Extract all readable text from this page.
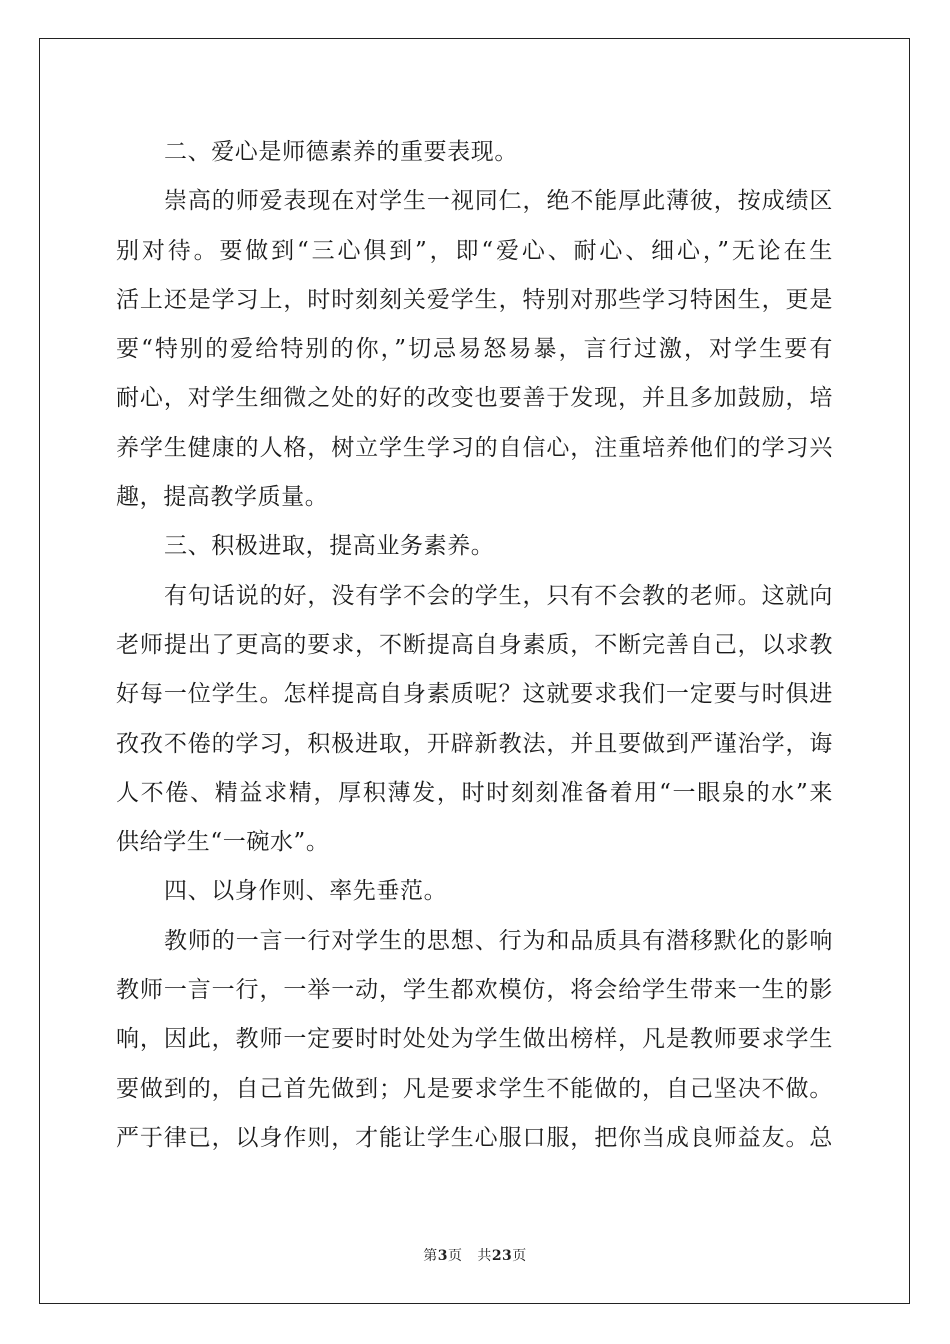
二、爱心是师德素养的重要表现。
崇高的师爱表现在对学生一视同仁，绝不能厚此薄彼，按成绩区
别对待。要做到“三心俱到”，即“爱心、耐心、细心，”无论在生
活上还是学习上，时时刻刻关爱学生，特别对那些学习特困生，更是
要“特别的爱给特别的你，”切忌易怒易暴，言行过激，对学生要有
耐心，对学生细微之处的好的改变也要善于发现，并且多加鼓励，培
养学生健康的人格，树立学生学习的自信心，注重培养他们的学习兴
趣，提高教学质量。
三、积极进取，提高业务素养。
有句话说的好，没有学不会的学生，只有不会教的老师。这就向
老师提出了更高的要求，不断提高自身素质，不断完善自己，以求教
好每一位学生。怎样提高自身素质呢？这就要求我们一定要与时俱进
孜孜不倦的学习，积极进取，开辟新教法，并且要做到严谨治学，诲
人不倦、精益求精，厚积薄发，时时刻刻准备着用“一眼泉的水”来
供给学生“一碗水”。
四、以身作则、率先垂范。
教师的一言一行对学生的思想、行为和品质具有潜移默化的影响
教师一言一行，一举一动，学生都欢模仿，将会给学生带来一生的影
响，因此，教师一定要时时处处为学生做出榜样，凡是教师要求学生
要做到的，自己首先做到；凡是要求学生不能做的，自己坚决不做。
严于律已，以身作则，才能让学生心服口服，把你当成良师益友。总
第3页 共23页
